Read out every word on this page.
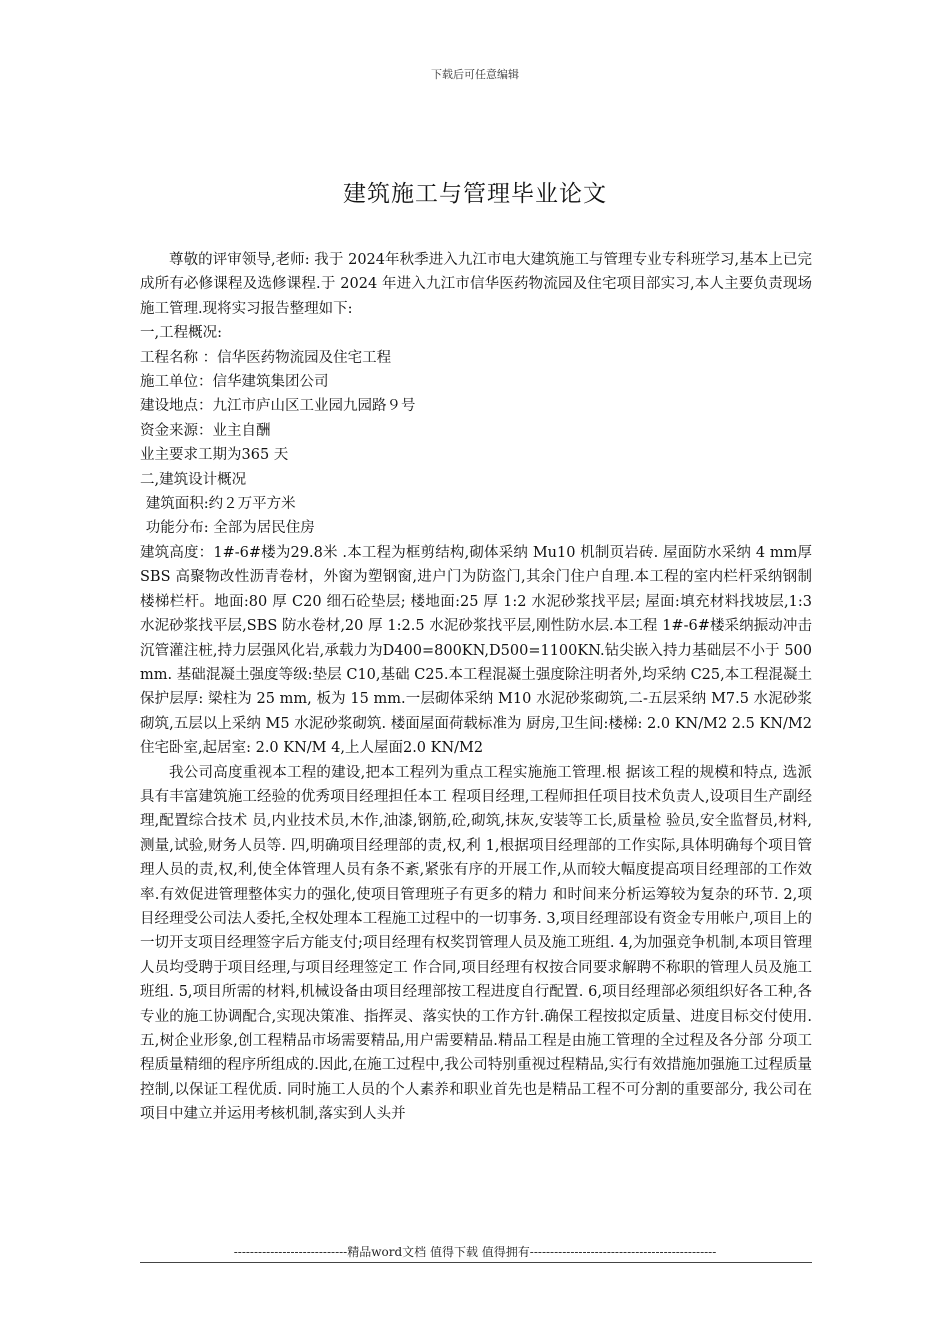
下载后可任意编辑
建筑施工与管理毕业论文

尊敬的评审领导,老师: 我于 2024年秋季进入九江市电大建筑施工与管理专业专科班学习,基本上已完成所有必修课程及选修课程.于 2024 年进入九江市信华医药物流园及住宅项目部实习,本人主要负责现场施工管理.现将实习报告整理如下:

一,工程概况:

工程名称 ：信华医药物流园及住宅工程

施工单位：信华建筑集团公司

建设地点：九江市庐山区工业园九园路９号

资金来源：业主自酬

业主要求工期为365 天

二,建筑设计概况

建筑面积:约２万平方米

功能分布: 全部为居民住房

建筑高度：1#-6#楼为29.8米 .本工程为框剪结构,砌体采纳 Mu10 机制页岩砖. 屋面防水采纳 4 mm厚 SBS 高聚物改性沥青卷材，外窗为塑钢窗,进户门为防盗门,其余门住户自理.本工程的室内栏杆采纳钢制楼梯栏杆。地面:80 厚 C20 细石砼垫层; 楼地面:25 厚 1:2 水泥砂浆找平层; 屋面:填充材料找坡层,1:3 水泥砂浆找平层,SBS 防水卷材,20 厚 1:2.5 水泥砂浆找平层,刚性防水层.本工程 1#-6#楼采纳振动冲击沉管灌注桩,持力层强风化岩,承载力为D400=800KN,D500=1100KN.钻尖嵌入持力基础层不小于 500 mm. 基础混凝土强度等级:垫层 C10,基础 C25.本工程混凝土强度除注明者外,均采纳 C25,本工程混凝土保护层厚: 梁柱为 25 mm, 板为 15 mm.一层砌体采纳 M10 水泥砂浆砌筑,二-五层采纳 M7.5 水泥砂浆砌筑,五层以上采纳 M5 水泥砂浆砌筑. 楼面屋面荷载标准为 厨房,卫生间:楼梯: 2.0 KN/M2 2.5 KN/M2住宅卧室,起居室: 2.0 KN/M 4,上人屋面2.0 KN/M2

我公司高度重视本工程的建设,把本工程列为重点工程实施施工管理.根 据该工程的规模和特点, 选派具有丰富建筑施工经验的优秀项目经理担任本工 程项目经理,工程师担任项目技术负责人,设项目生产副经理,配置综合技术 员,内业技术员,木作,油漆,钢筋,砼,砌筑,抹灰,安装等工长,质量检 验员,安全监督员,材料,测量,试验,财务人员等. 四,明确项目经理部的责,权,利 1,根据项目经理部的工作实际,具体明确每个项目管理人员的责,权,利,使全体管理人员有条不紊,紧张有序的开展工作,从而较大幅度提高项目经理部的工作效率.有效促进管理整体实力的强化,使项目管理班子有更多的精力 和时间来分析运筹较为复杂的环节. 2,项目经理受公司法人委托,全权处理本工程施工过程中的一切事务. 3,项目经理部设有资金专用帐户,项目上的一切开支项目经理签字后方能支付;项目经理有权奖罚管理人员及施工班组. 4,为加强竞争机制,本项目管理人员均受聘于项目经理,与项目经理签定工 作合同,项目经理有权按合同要求解聘不称职的管理人员及施工班组. 5,项目所需的材料,机械设备由项目经理部按工程进度自行配置. 6,项目经理部必须组织好各工种,各专业的施工协调配合,实现决策准、指挥灵、落实快的工作方针.确保工程按拟定质量、进度目标交付使用. 五,树企业形象,创工程精品市场需要精品,用户需要精品.精品工程是由施工管理的全过程及各分部 分项工程质量精细的程序所组成的.因此,在施工过程中,我公司特别重视过程精品,实行有效措施加强施工过程质量控制,以保证工程优质. 同时施工人员的个人素养和职业首先也是精品工程不可分割的重要部分, 我公司在项目中建立并运用考核机制,落实到人头并

----------------------------精品word文档 值得下载 值得拥有----------------------------------------------
